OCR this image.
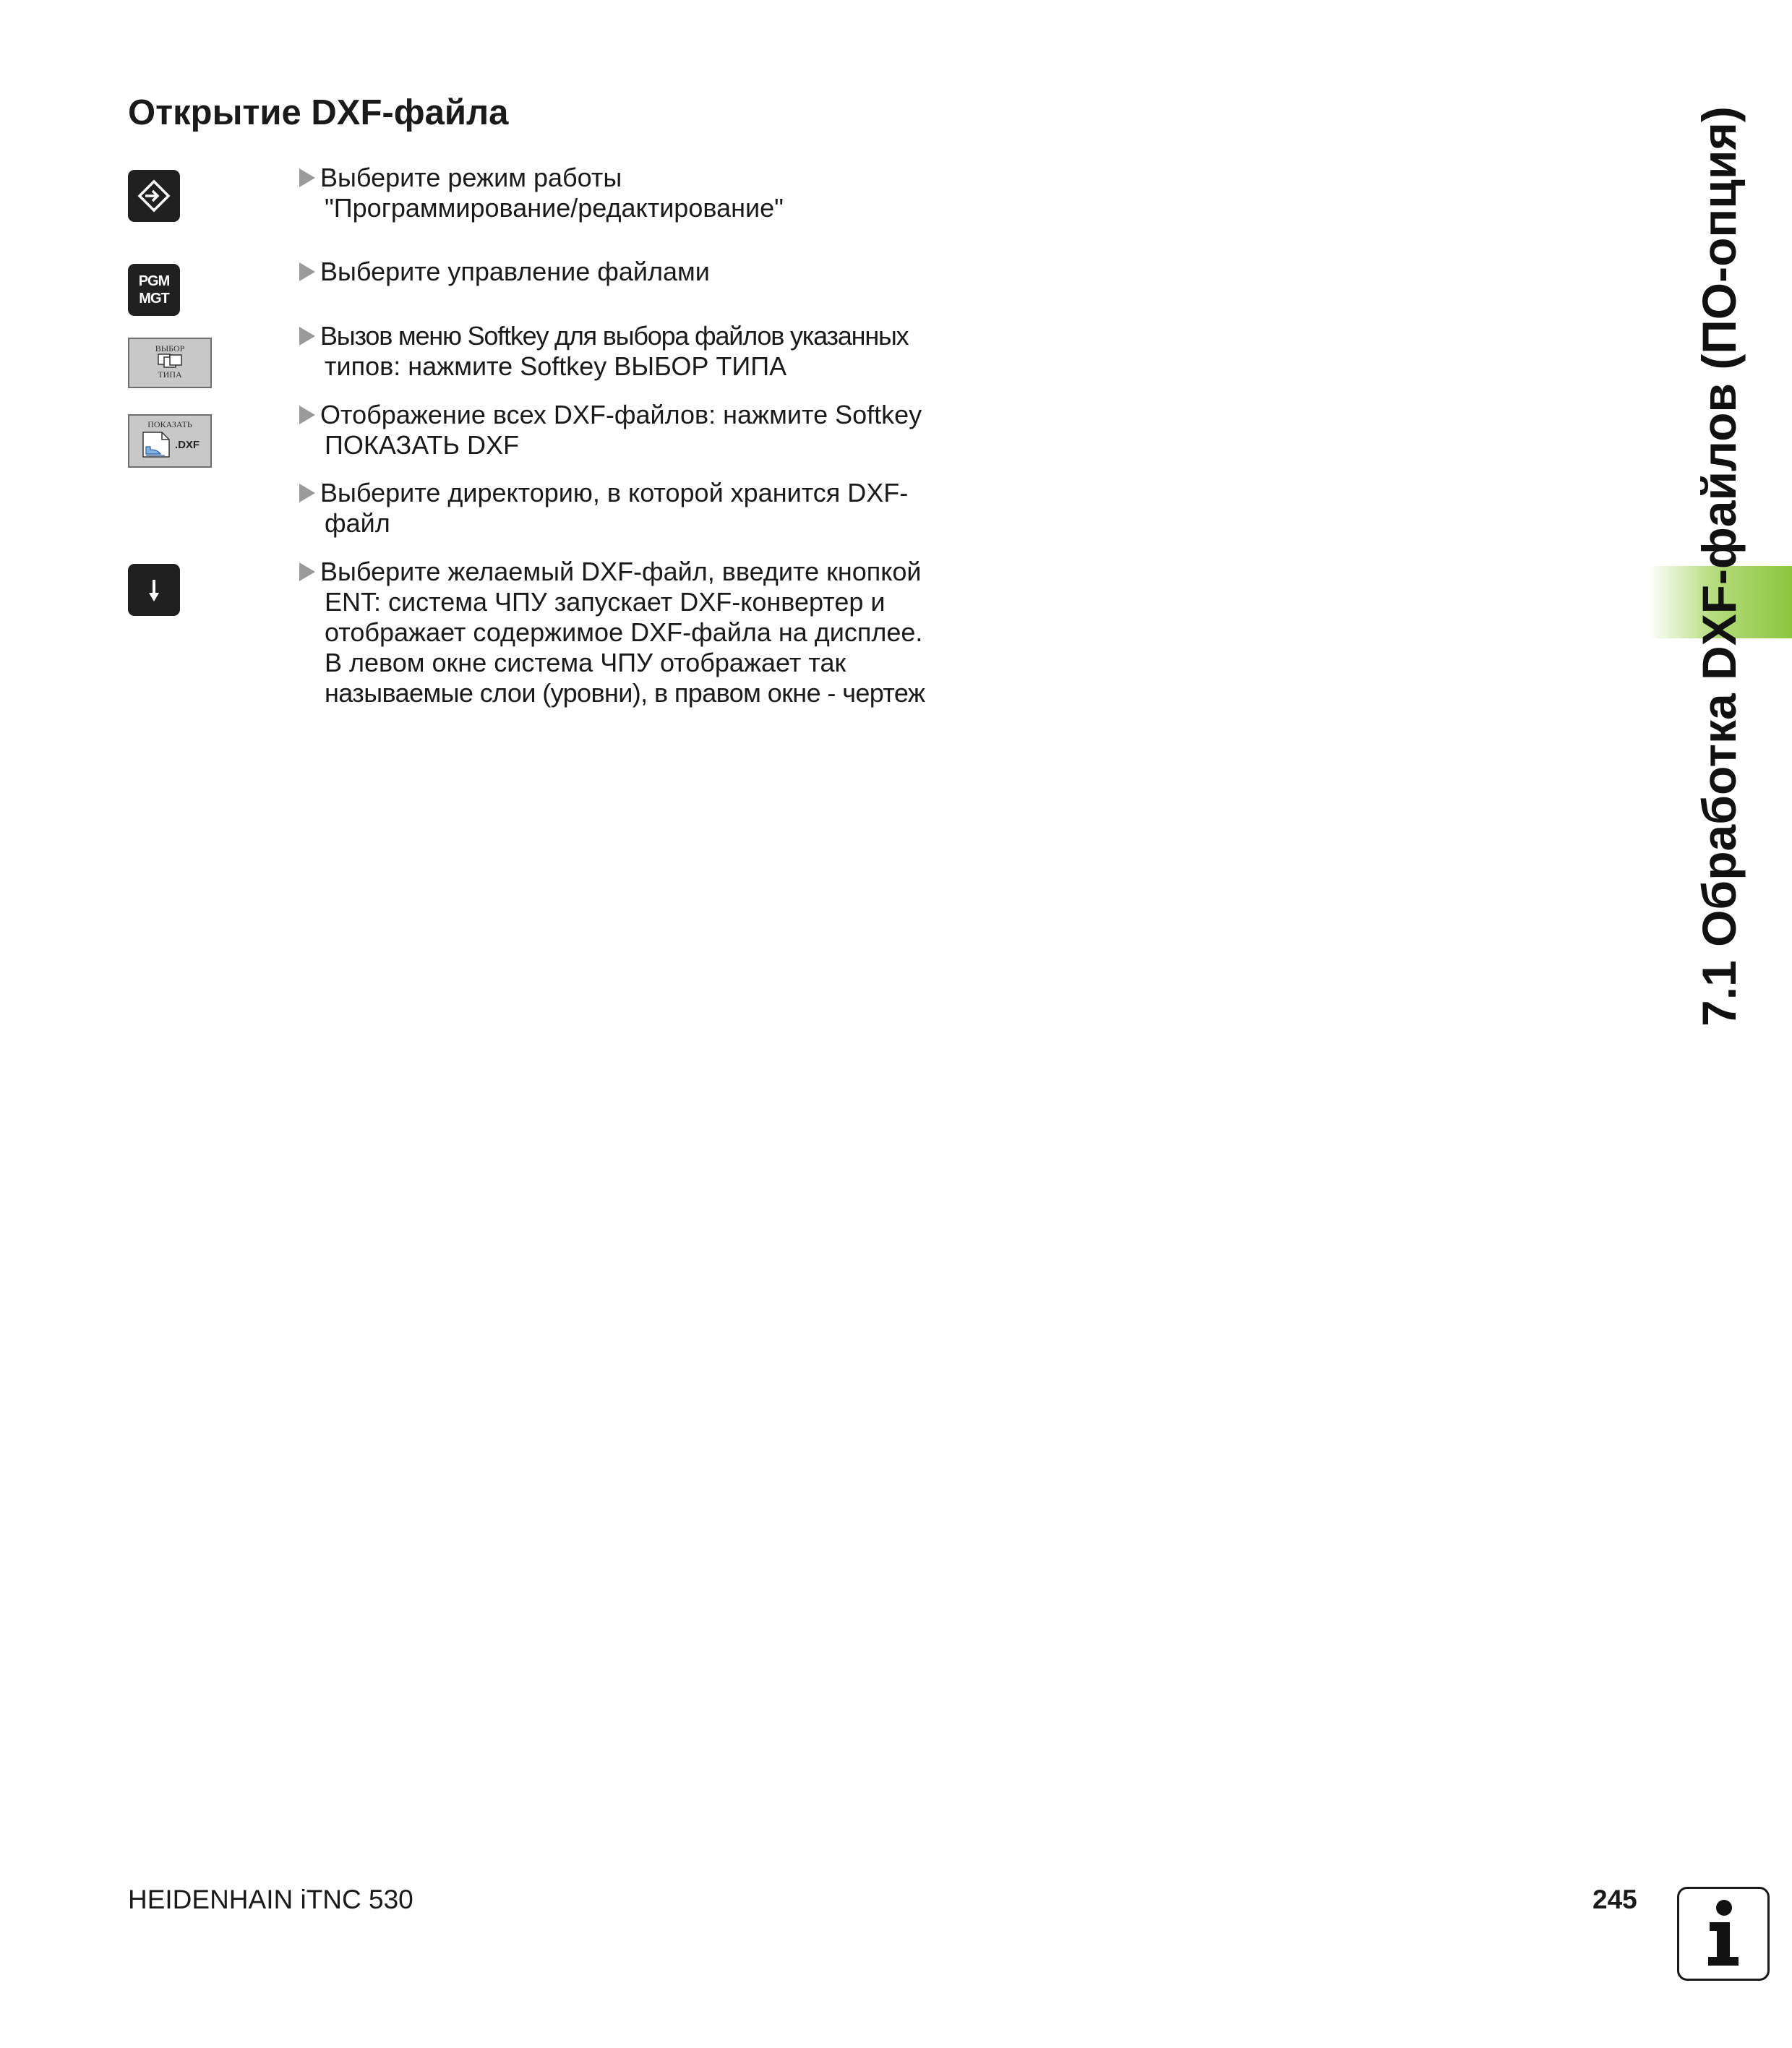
Открытие DXF-файла
Выберите режим работы
"Программирование/редактирование"
PGM
MGT
Выберите управление файлами
ВЫБОР
ТИПА
Вызов меню Softkey для выбора файлов указанных
типов: нажмите Softkey ВЫБОР ТИПА
ПОКАЗАТЬ
.DXF
Отображение всех DXF-файлов: нажмите Softkey
ПОКАЗАТЬ DXF
Выберите директорию, в которой хранится DXF-
файл
Выберите желаемый DXF-файл, введите кнопкой
ENT: система ЧПУ запускает DXF-конвертер и
отображает содержимое DXF-файла на дисплее.
В левом окне система ЧПУ отображает так
называемые слои (уровни), в правом окне - чертеж	7.1 Обработка DXF-файлов (ПО-опция)
HEIDENHAIN iTNC 530	245
